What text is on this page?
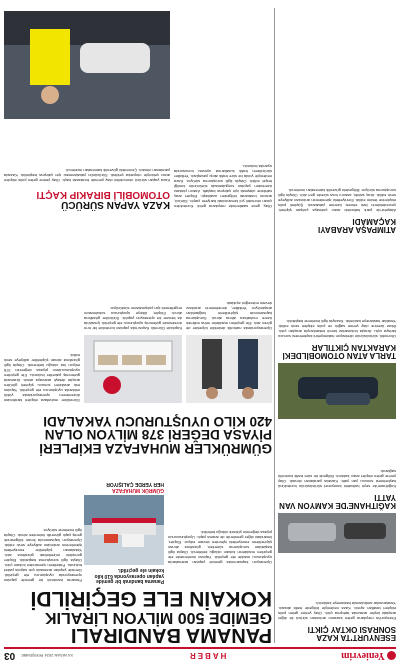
Yenievrim
HABER
XX NİSAN 2024 PERŞEMBE
03
PANAMA BANDIRALI
GEMİDE 500 MİLYON LİRALIK
KOKAİN ELE GEÇİRİLDİ
Panama bandıralı bir gemide yapılan operasyonda 610 kilo kokain ele geçirildi.
Panama bandıralı bir gemide yapılan operasyonda uyuşturucu ele geçirildi. Gemide yapılan aramada çok sayıda paket bulundu. Paketlerin içerisinden kokain çıktı. Olayla ilgili soruşturma başlatıldı. Ekipler gemideki mürettebatı gözaltına aldı. Yakalanan şüpheliler emniyetteki işlemlerinin ardından adliyeye sevk edildi. Operasyon kapsamında liman bölgesinde geniş çaplı güvenlik önlemleri alındı. Olayla ilgili inceleme sürüyor.
GÜMRÜK MUHAFAZA
HER YERDE ÇALIŞIYOR
Operasyon kapsamında gemide yapılan aramalarda uyuşturucu madde ele geçirildi. Yapılan incelemede ele geçirilen maddenin kokain olduğu belirlendi. Olayla ilgili başlatılan soruşturma sürerken, gözaltına alınan şüphelilerin emniyetteki işlemleri devam ediyor. Ekipler, limandaki diğer gemilerde de arama yaptı. Uyuşturucunun piyasa değerinin yüksek olduğu belirtildi.
ESENYURT'TA KAZA SONRASI OKTAY ÇIKTI
Esenyurt'ta meydana gelen kazanın ardından sürücü ile diğer araçtaki kişiler arasında tartışma çıktı. Olay yerine gelen polis ekipleri tarafları ayırdı. Kaza nedeniyle bölgede trafik aksadı. Yaralananlar ambulansla hastaneye kaldırıldı.
KAĞITHANE'DE KAMYON VAN YATTI
Kağıthane'de seyir halindeki kamyonet sürücüsünün kontrolünü kaybetmesi sonucu yan yattı. Kazada yaralanan olmadı. Olay yerine gelen ekipler aracı kaldırdı. Bölgede bir süre trafik kontrollü sağlandı.
TARLA ATAN OTOMOBİLDEKİ KARAKTAN ÇIKTILAR
Otomobil, sürücüsünün direksiyon hakimiyetini kaybetmesi sonucu tarlaya uçtu. Araçta bulunanlar kendi imkanlarıyla araçtan çıktı. İhbar üzerine olay yerine sağlık ve polis ekipleri sevk edildi. Yaralılar hastaneye kaldırıldı. Kazayla ilgili inceleme başlatıldı.
ATIMPAŞA ARABAYI KAÇAMADI
Ataşehir'de park halindeki aracı çalmaya çalışan şüpheli, çevredekilerin fark etmesi üzerine yakalandı. Şüpheli polis ekiplerine teslim edildi. Emniyetteki işlemlerinin ardından adliyeye sevk edildi. Araç sahibi, aracını kısa sürede geri aldı. Olayla ilgili soruşturma sürüyor. Bölgedeki güvenlik kameraları incelendi.
GÜMRÜKLER MUHAFAZA EKİPLERİ
PİYASA DEĞERİ 378 MİLYON OLAN
420 KİLO UYUŞTURUCU YAKALADI
Gümrükler muhafaza ekipleri tarafından düzenlenen operasyonlarda yüklü miktarda uyuşturucu ele geçirildi. Yapılan risk analizleri sonucu şüpheli görülen araçlar detaylı aramaya alındı. Aramada gizlenmiş paketler bulundu. Ele geçirilen uyuşturucuların piyasa değerinin 378 milyon lira olduğu belirlendi. Olayla ilgili gözaltına alınan şüpheliler adliyeye sevk edildi.
Kapıkule Gümrük Kapısı'nda yapılan kontrolde bir tırın dorsesinde gizlenmiş uyuşturucu ele geçirildi. İpsala'da da benzer bir operasyon yapıldı. Sürücüler gözaltına alındı. Ekipler, ülkeye uyuşturucu sokulmasını engellemek için çalışmalarını sürdürüyor.
Operasyonlarda narkotik dedektör köpekler de görev aldı. Ele geçirilen maddeler imha edilmek üzere muhafaza altına alındı. Soruşturma kapsamında şüphelilerin bağlantıları araştırılıyor. Yetkililer, denetimlerin aralıksız devam edeceğini açıkladı.
KAZA YAPAN SÜRÜCÜ
OTOMOBİLİ BIRAKIP KAÇTI
Kaza yapan sürücü otomobilini olay yerinde bırakarak kaçtı. Olay yerine gelen polis ekipleri aracı çekiciyle otoparka çektirdi. Sürücünün yakalanması için çalışma başlatıldı. Kazada yaralanan olmadı. Çevredeki güvenlik kameraları incelendi.
Olay, gece saatlerinde meydana geldi. Kontrolden çıkan otomobil yol kenarındaki bariyere çarptı. Sürücü, aracını bırakarak bölgeden uzaklaştı. Ekipler araç sahibine ulaşmak için çalışma başlattı. Aracın plakası üzerinden yapılan sorgulamada sürücünün kimliği tespit edildi. Olayla ilgili soruşturma sürüyor. Kaza nedeniyle yolda bir süre trafik akışı yavaşladı. Yetkililer sürücülerin trafik kurallarına uyması konusunda uyarıda bulundu.
